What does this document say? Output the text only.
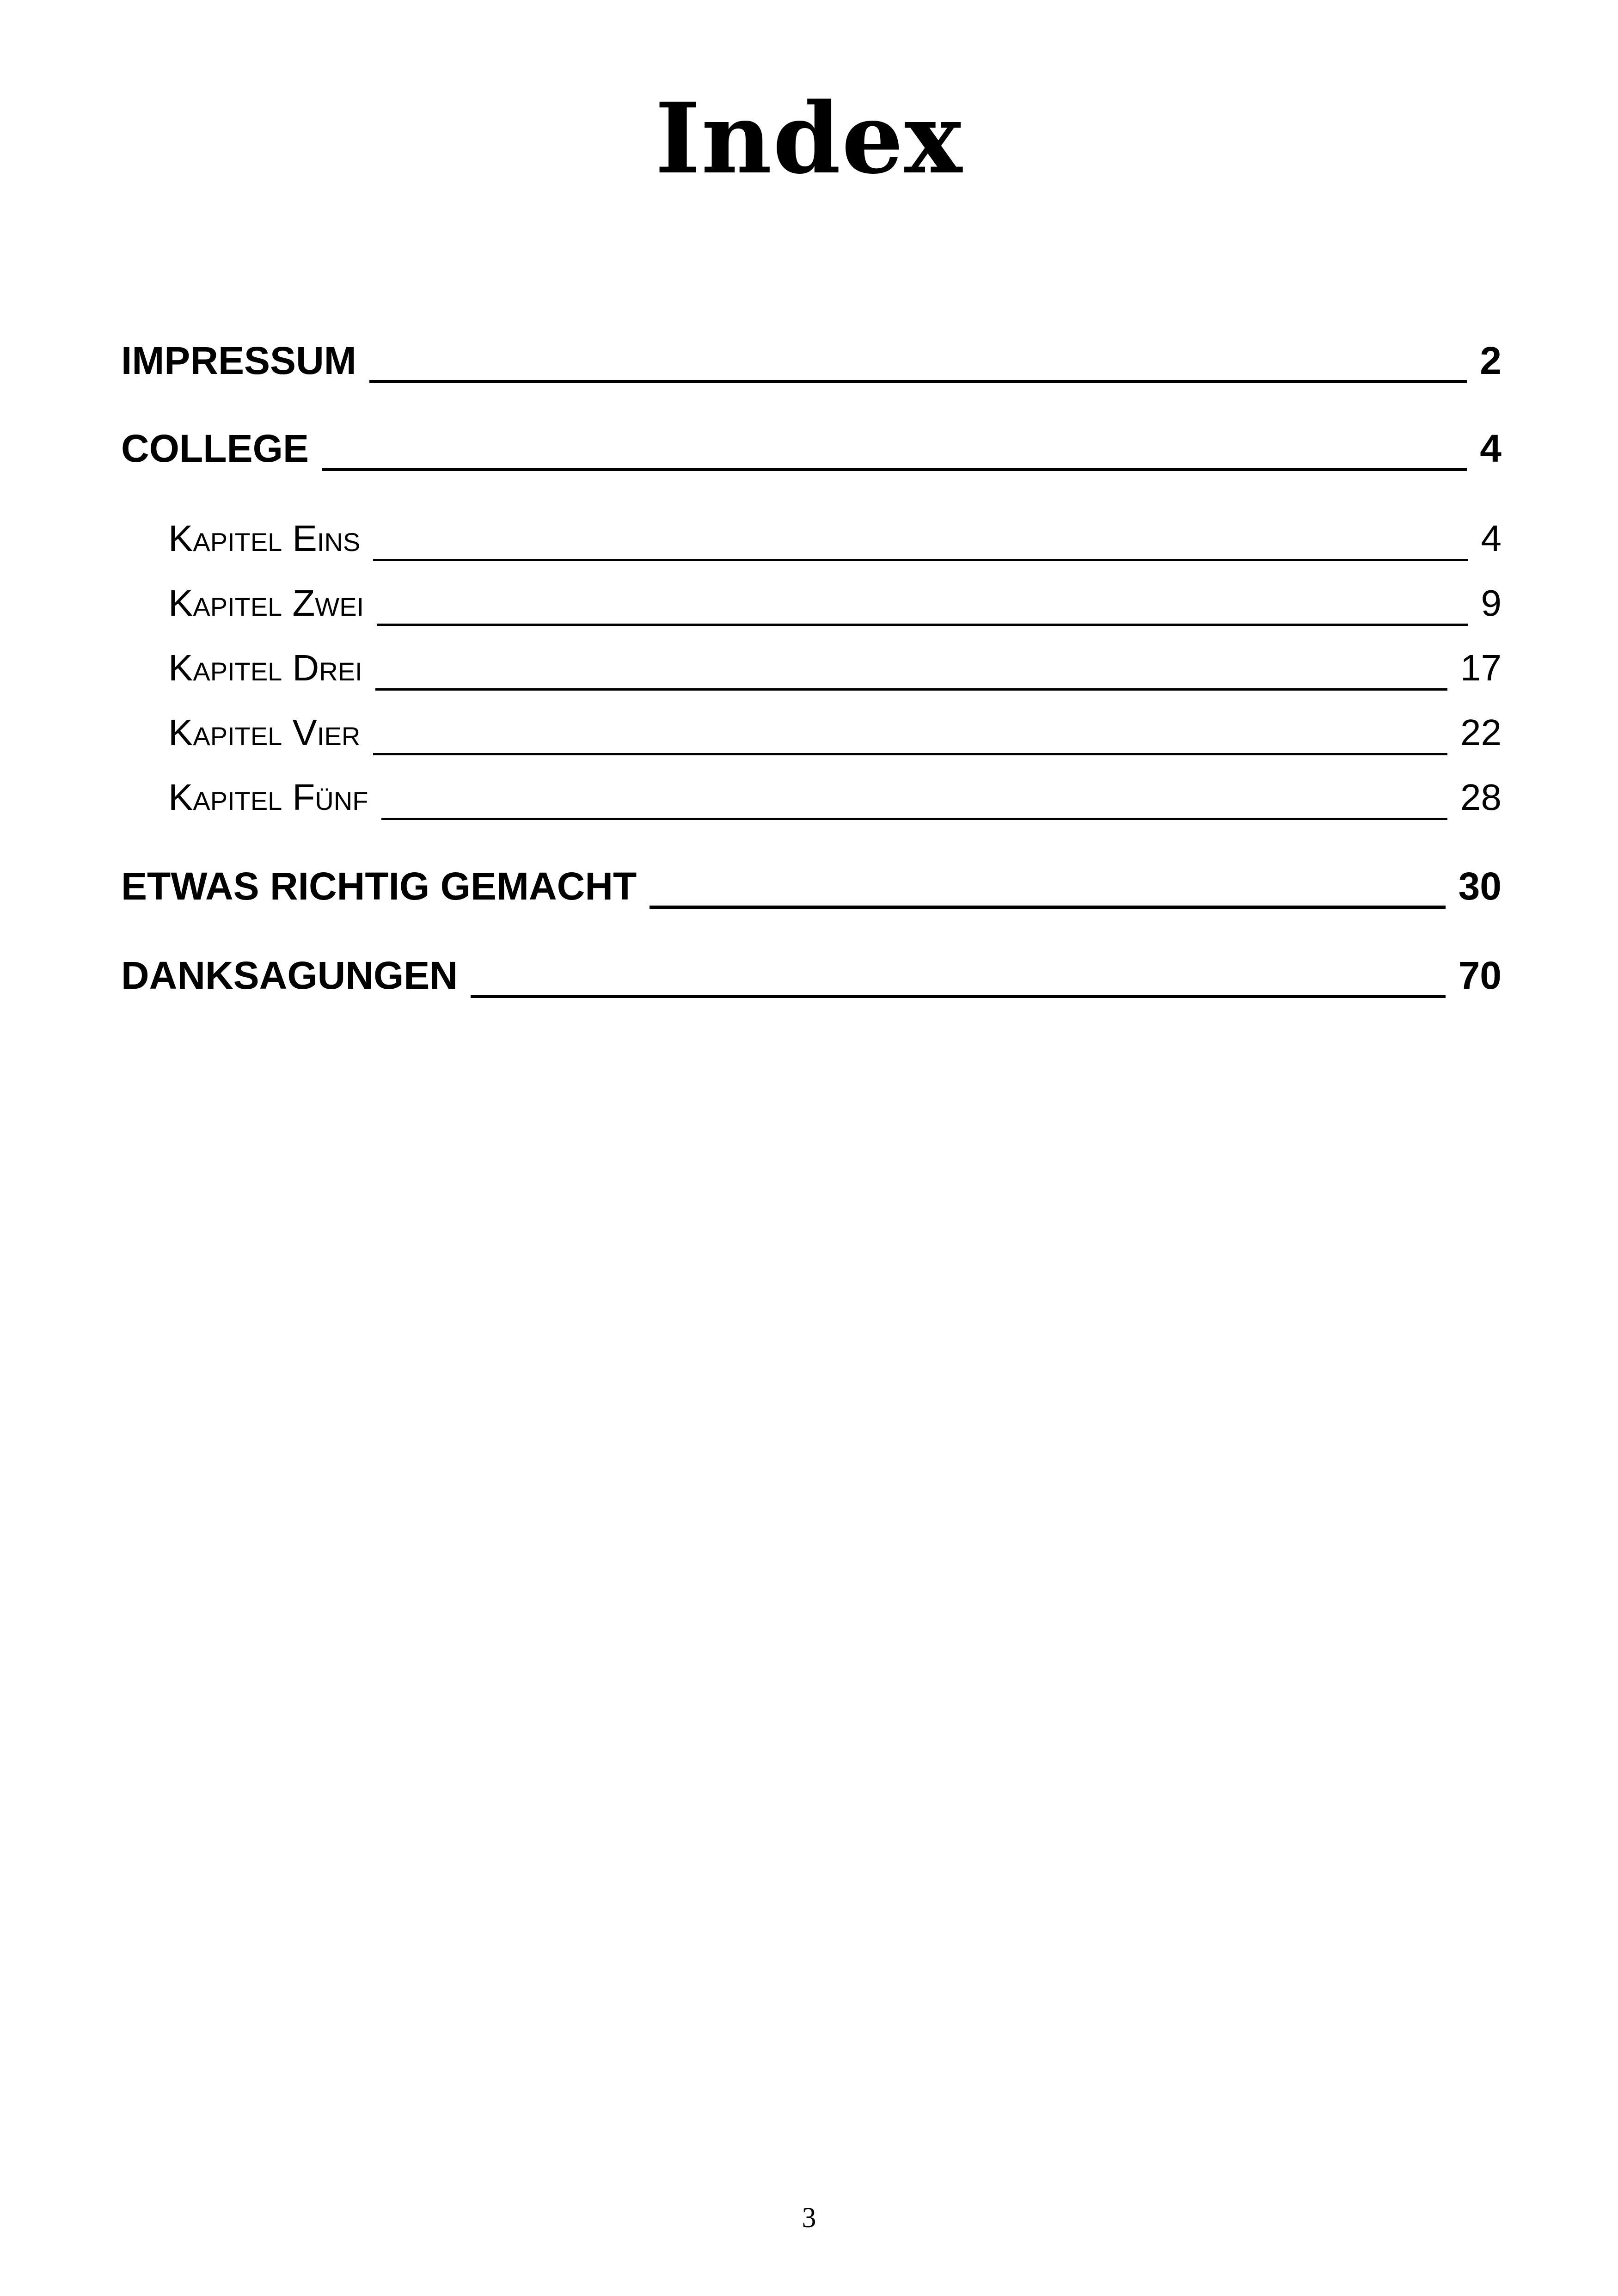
Index
IMPRESSUM	2
COLLEGE	4
Kapitel Eins	4
Kapitel Zwei	9
Kapitel Drei	17
Kapitel Vier	22
Kapitel Fünf	28
ETWAS RICHTIG GEMACHT	30
DANKSAGUNGEN	70
3
